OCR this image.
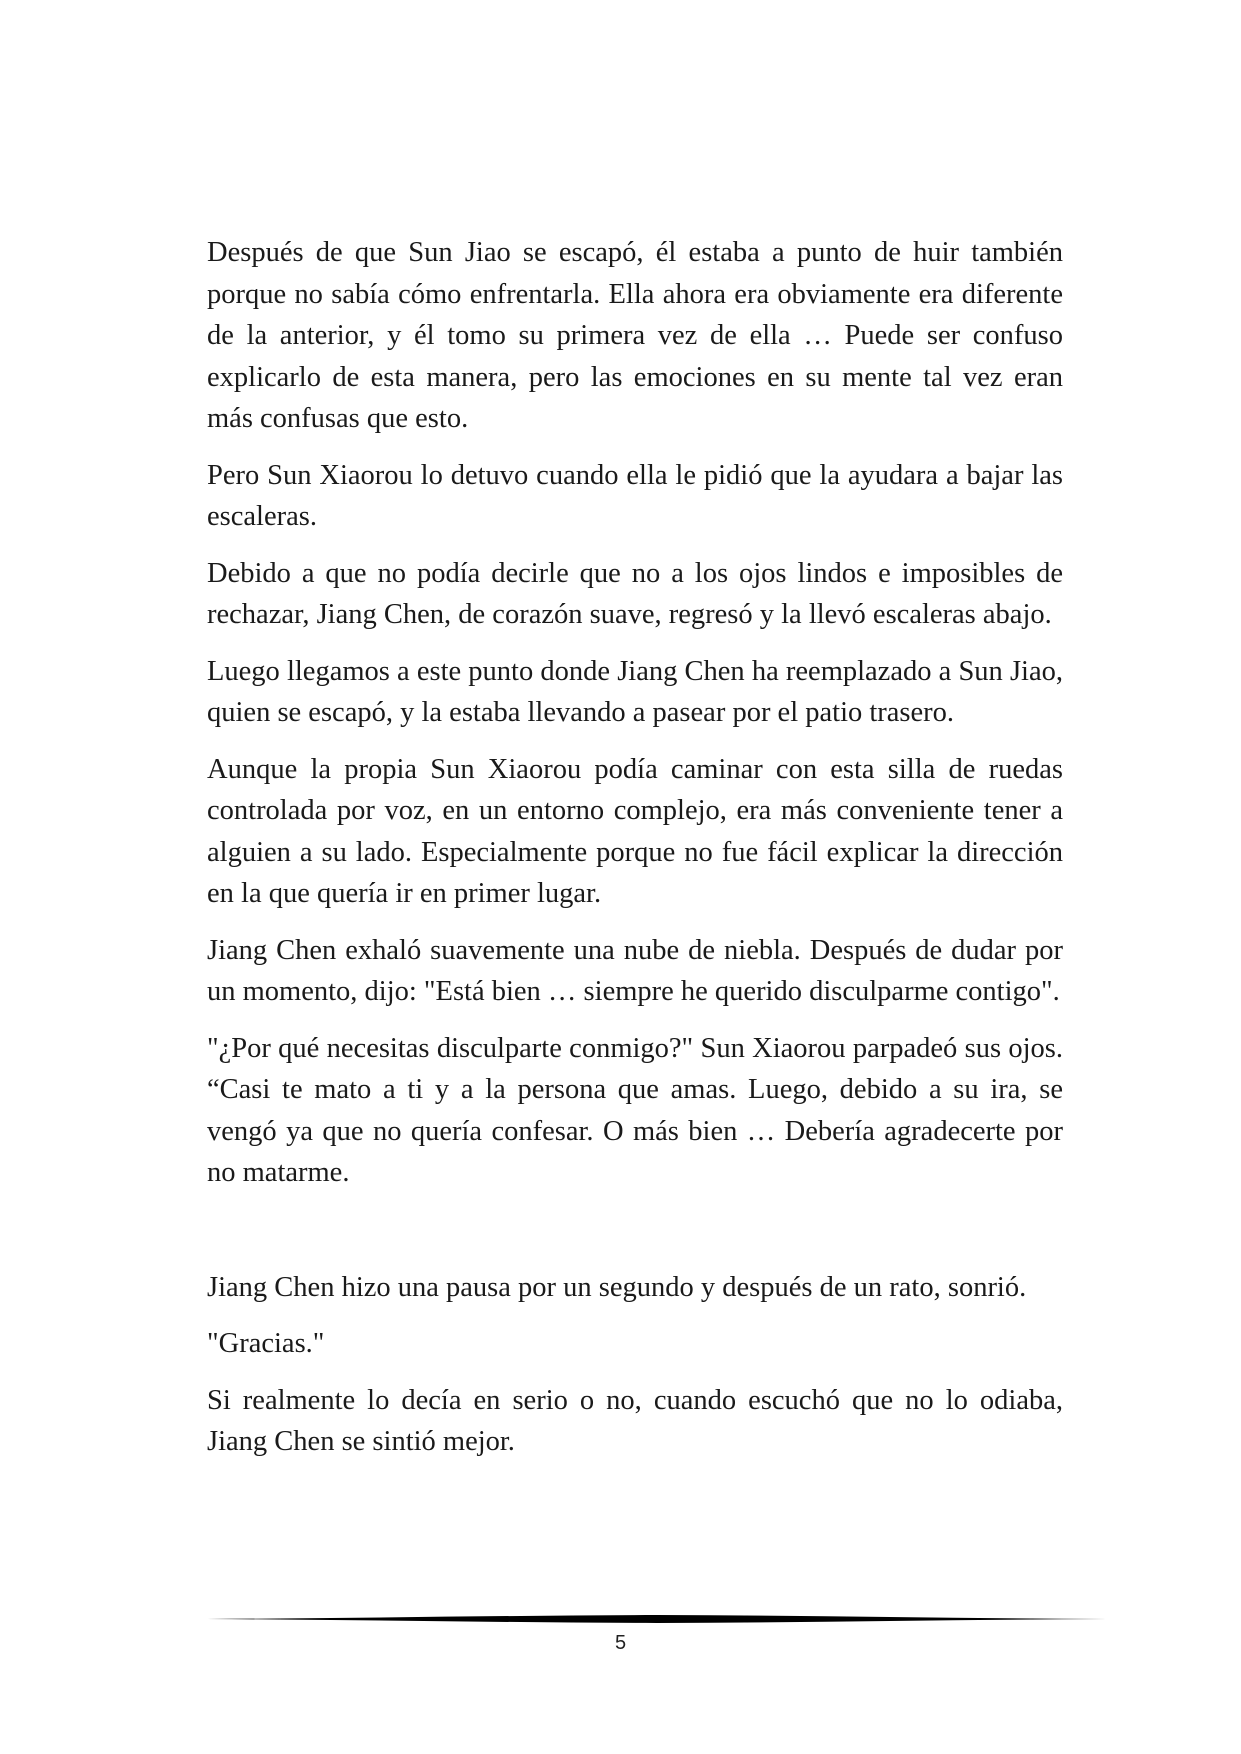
Después de que Sun Jiao se escapó, él estaba a punto de huir también porque no sabía cómo enfrentarla. Ella ahora era obviamente era diferente de la anterior, y él tomo su primera vez de ella … Puede ser confuso explicarlo de esta manera, pero las emociones en su mente tal vez eran más confusas que esto.

Pero Sun Xiaorou lo detuvo cuando ella le pidió que la ayudara a bajar las escaleras.

Debido a que no podía decirle que no a los ojos lindos e imposibles de rechazar, Jiang Chen, de corazón suave, regresó y la llevó escaleras abajo.

Luego llegamos a este punto donde Jiang Chen ha reemplazado a Sun Jiao, quien se escapó, y la estaba llevando a pasear por el patio trasero.

Aunque la propia Sun Xiaorou podía caminar con esta silla de ruedas controlada por voz, en un entorno complejo, era más conveniente tener a alguien a su lado. Especialmente porque no fue fácil explicar la dirección en la que quería ir en primer lugar.

Jiang Chen exhaló suavemente una nube de niebla. Después de dudar por un momento, dijo: "Está bien … siempre he querido disculparme contigo".

"¿Por qué necesitas disculparte conmigo?" Sun Xiaorou parpadeó sus ojos. “Casi te mato a ti y a la persona que amas. Luego, debido a su ira, se vengó ya que no quería confesar. O más bien … Debería agradecerte por no matarme.

Jiang Chen hizo una pausa por un segundo y después de un rato, sonrió.

"Gracias."

Si realmente lo decía en serio o no, cuando escuchó que no lo odiaba, Jiang Chen se sintió mejor.

5
